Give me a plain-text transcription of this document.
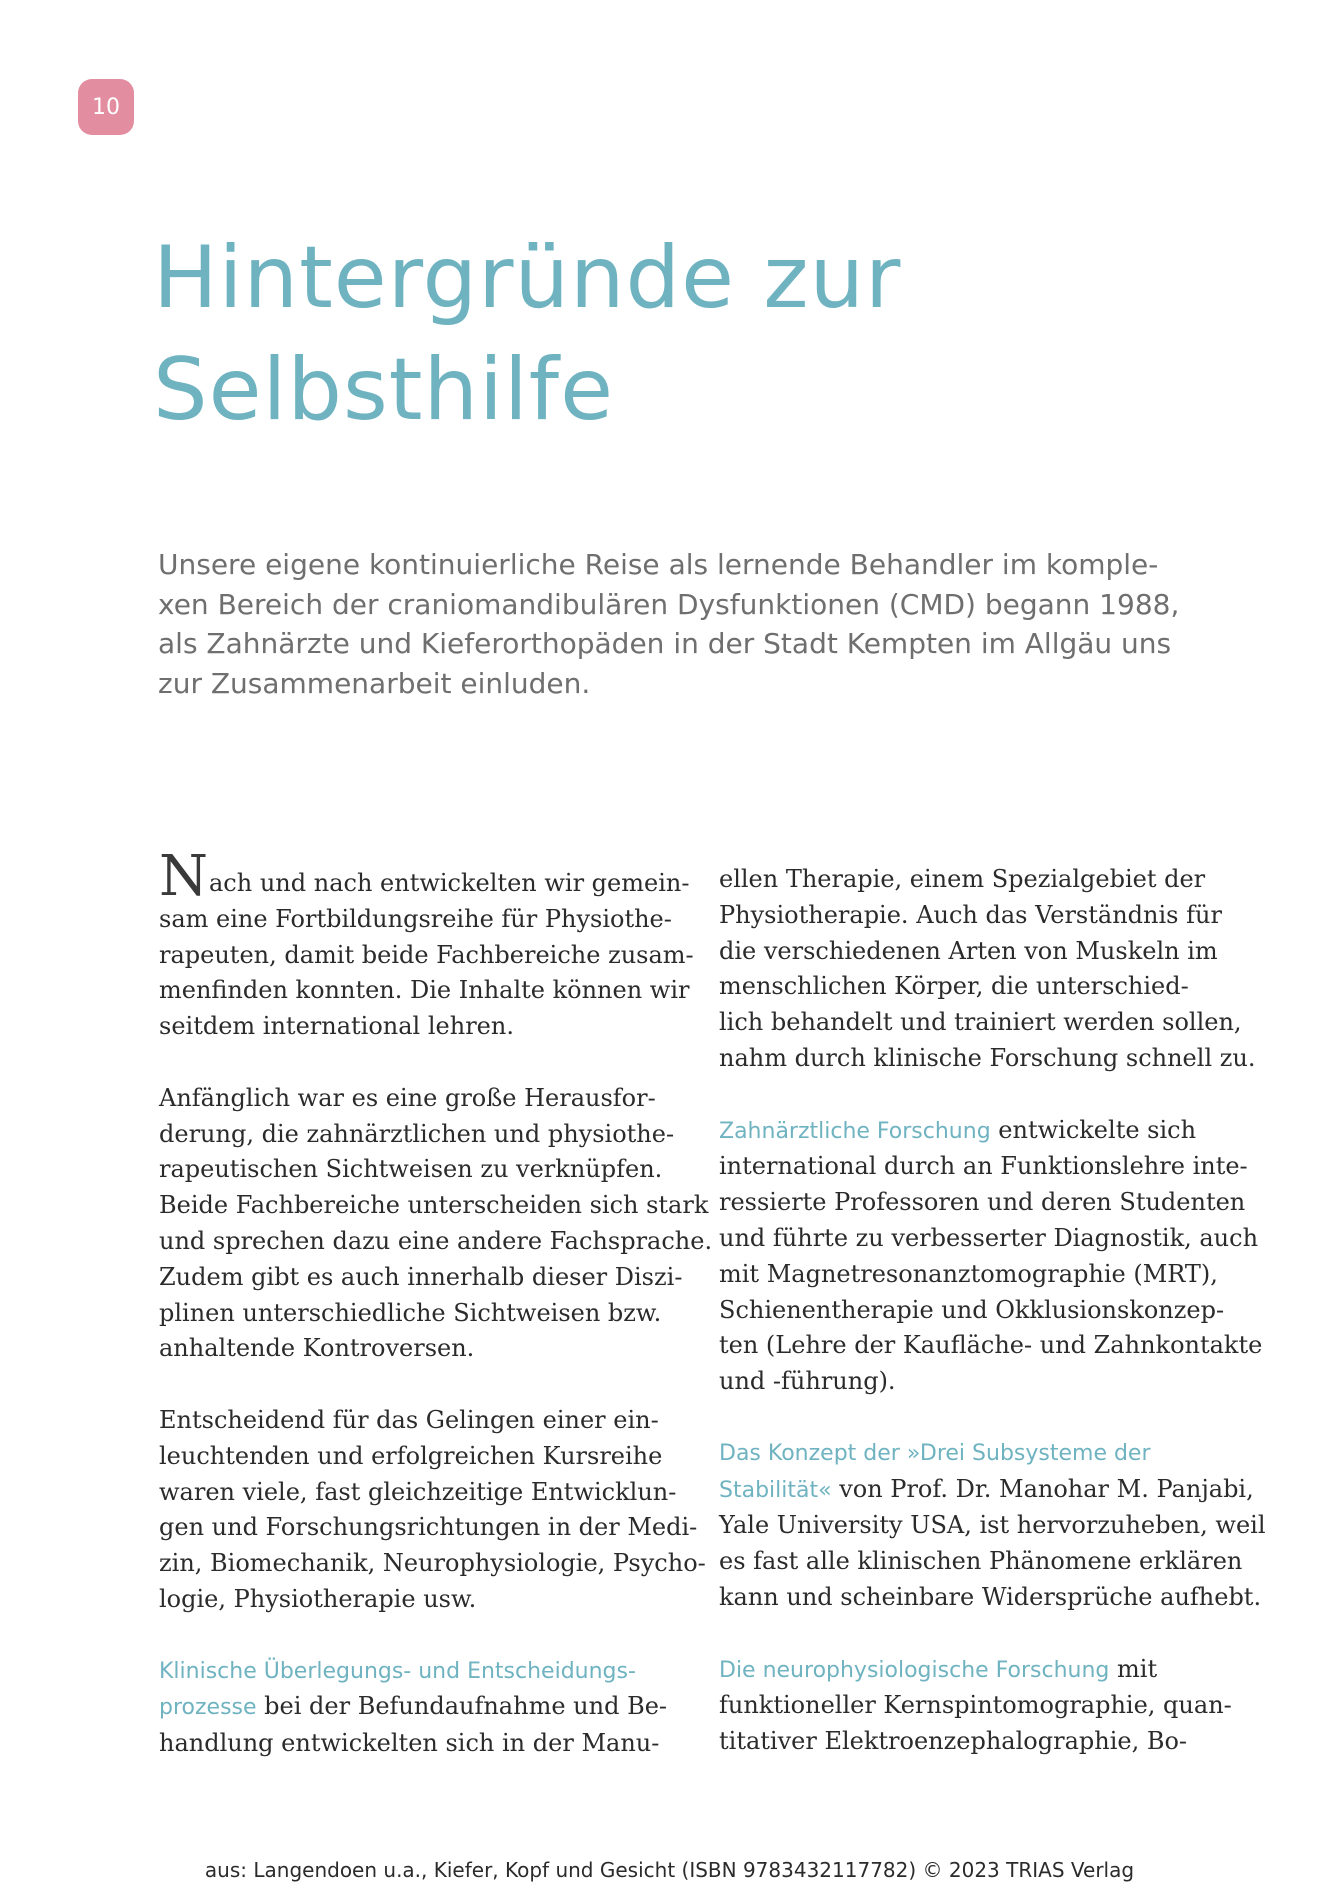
10
Hintergründe zur
Selbsthilfe
Unsere eigene kontinuierliche Reise als lernende Behandler im komple-
xen Bereich der craniomandibulären Dysfunktionen (CMD) begann 1988,
als Zahnärzte und Kieferorthopäden in der Stadt Kempten im Allgäu uns
zur Zusammenarbeit einluden.

Nach und nach entwickelten wir gemein-
sam eine Fortbildungsreihe für Physiothe-
rapeuten, damit beide Fachbereiche zusam-
menfinden konnten. Die Inhalte können wir
seitdem international lehren.

Anfänglich war es eine große Herausfor-
derung, die zahnärztlichen und physiothe-
rapeutischen Sichtweisen zu verknüpfen.
Beide Fachbereiche unterscheiden sich stark
und sprechen dazu eine andere Fachsprache.
Zudem gibt es auch innerhalb dieser Diszi-
plinen unterschiedliche Sichtweisen bzw.
anhaltende Kontroversen.

Entscheidend für das Gelingen einer ein-
leuchtenden und erfolgreichen Kursreihe
waren viele, fast gleichzeitige Entwicklun-
gen und Forschungsrichtungen in der Medi-
zin, Biomechanik, Neurophysiologie, Psycho-
logie, Physiotherapie usw.

Klinische Überlegungs- und Entscheidungs-
prozesse bei der Befundaufnahme und Be-
handlung entwickelten sich in der Manu-

ellen Therapie, einem Spezialgebiet der
Physiotherapie. Auch das Verständnis für
die verschiedenen Arten von Muskeln im
menschlichen Körper, die unterschied-
lich behandelt und trainiert werden sollen,
nahm durch klinische Forschung schnell zu.

Zahnärztliche Forschung entwickelte sich
international durch an Funktionslehre inte-
ressierte Professoren und deren Studenten
und führte zu verbesserter Diagnostik, auch
mit Magnetresonanztomographie (MRT),
Schienentherapie und Okklusionskonzep-
ten (Lehre der Kaufläche- und Zahnkontakte
und -führung).

Das Konzept der »Drei Subsysteme der
Stabilität« von Prof. Dr. Manohar M. Panjabi,
Yale University USA, ist hervorzuheben, weil
es fast alle klinischen Phänomene erklären
kann und scheinbare Widersprüche aufhebt.

Die neurophysiologische Forschung mit
funktioneller Kernspintomographie, quan-
titativer Elektroenzephalographie, Bo-

aus: Langendoen u.a., Kiefer, Kopf und Gesicht (ISBN 9783432117782) © 2023 TRIAS Verlag
